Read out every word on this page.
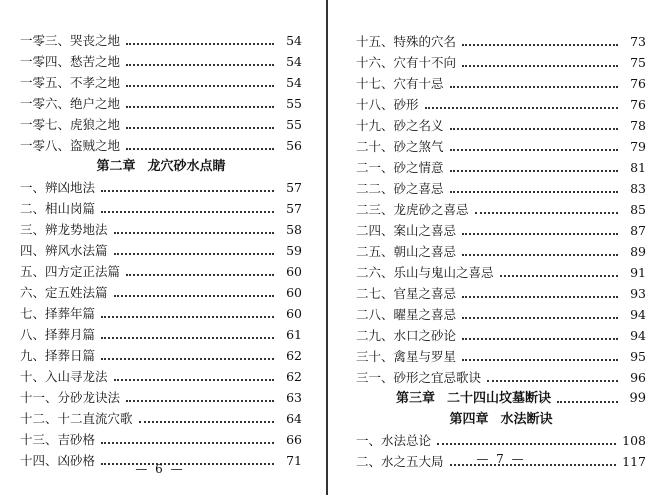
一零三、哭丧之地	54
一零四、愁苦之地	54
一零五、不孝之地	54
一零六、绝户之地	55
一零七、虎狼之地	55
一零八、盗贼之地	56
第二章 龙穴砂水点睛
一、辨凶地法	57
二、相山岗篇	57
三、辨龙势地法	58
四、辨风水法篇	59
五、四方定正法篇	60
六、定五姓法篇	60
七、择葬年篇	60
八、择葬月篇	61
九、择葬日篇	62
十、入山寻龙法	62
十一、分砂龙诀法	63
十二、十二直流穴歌	64
十三、吉砂格	66
十四、凶砂格	71
— 6 —
十五、特殊的穴名	73
十六、穴有十不向	75
十七、穴有十忌	76
十八、砂形	76
十九、砂之名义	78
二十、砂之煞气	79
二一、砂之情意	81
二二、砂之喜忌	83
二三、龙虎砂之喜忌	85
二四、案山之喜忌	87
二五、朝山之喜忌	89
二六、乐山与鬼山之喜忌	91
二七、官星之喜忌	93
二八、曜星之喜忌	94
二九、水口之砂论	94
三十、禽星与罗星	95
三一、砂形之宜忌歌诀	96
第三章 二十四山坟墓断诀	99
第四章 水法断诀
一、水法总论	108
二、水之五大局	117
— 7 —
